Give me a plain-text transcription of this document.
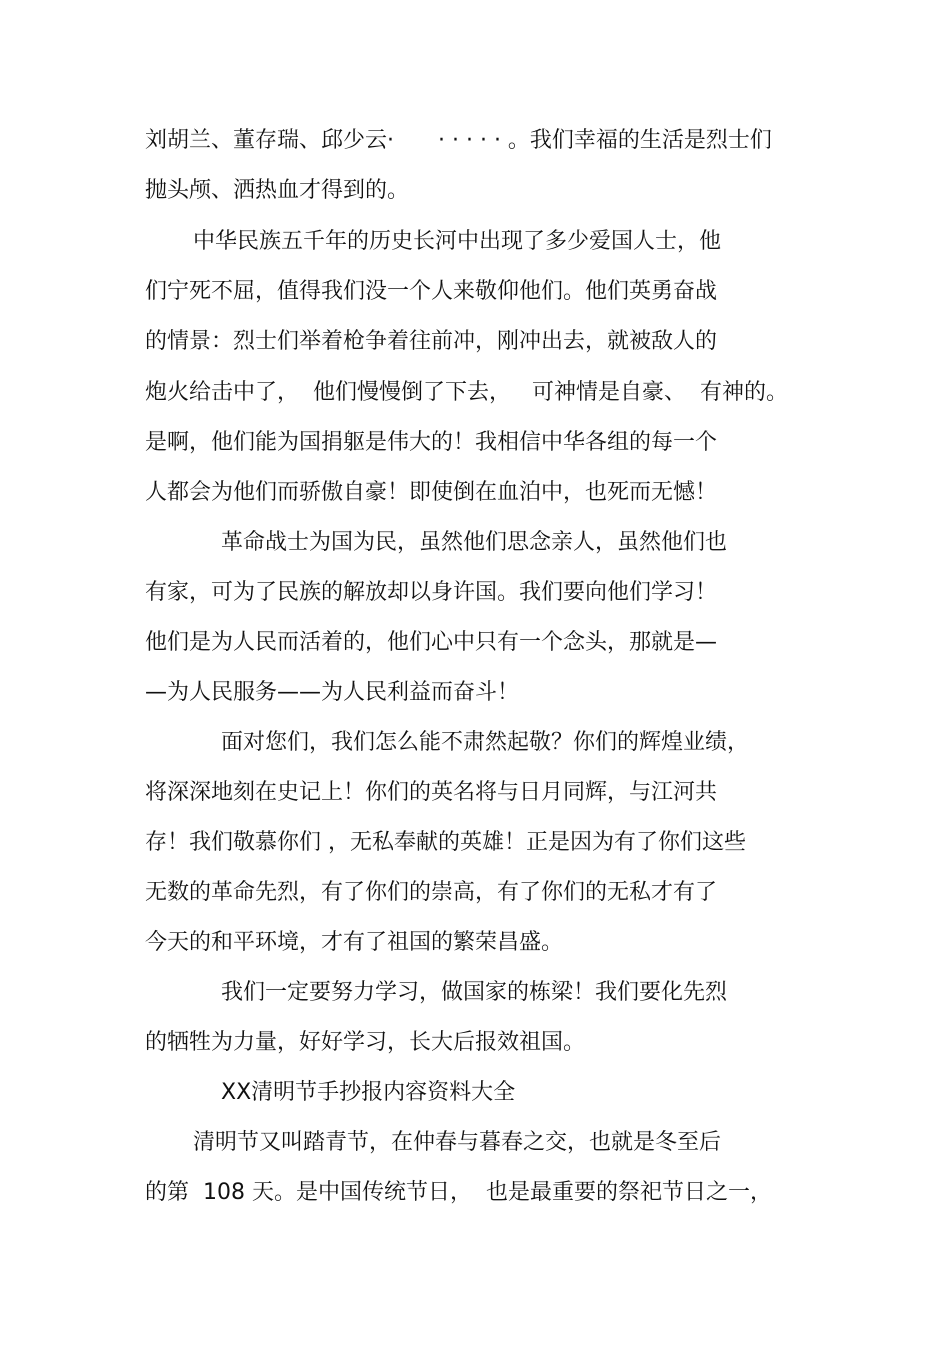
刘胡兰、董存瑞、邱少云·　　· · · · · 。我们幸福的生活是烈士们
抛头颅、洒热血才得到的。
中华民族五千年的历史长河中出现了多少爱国人士，他
们宁死不屈，值得我们没一个人来敬仰他们。他们英勇奋战
的情景：烈士们举着枪争着往前冲，刚冲出去，就被敌人的
炮火给击中了，  他们慢慢倒了下去，   可神情是自豪、  有神的。
是啊，他们能为国捐躯是伟大的！我相信中华各组的每一个
人都会为他们而骄傲自豪！即使倒在血泊中，也死而无憾！
革命战士为国为民，虽然他们思念亲人，虽然他们也
有家，可为了民族的解放却以身许国。我们要向他们学习！
他们是为人民而活着的，他们心中只有一个念头，那就是—
—为人民服务——为人民利益而奋斗！
面对您们，我们怎么能不肃然起敬？你们的辉煌业绩，
将深深地刻在史记上！你们的英名将与日月同辉，与江河共
存！我们敬慕你们 ，无私奉献的英雄！正是因为有了你们这些
无数的革命先烈，有了你们的崇高，有了你们的无私才有了
今天的和平环境，才有了祖国的繁荣昌盛。
我们一定要努力学习，做国家的栋梁！我们要化先烈
的牺牲为力量，好好学习，长大后报效祖国。
XX清明节手抄报内容资料大全
清明节又叫踏青节，在仲春与暮春之交，也就是冬至后
的第  108 天。是中国传统节日，  也是最重要的祭祀节日之一，
